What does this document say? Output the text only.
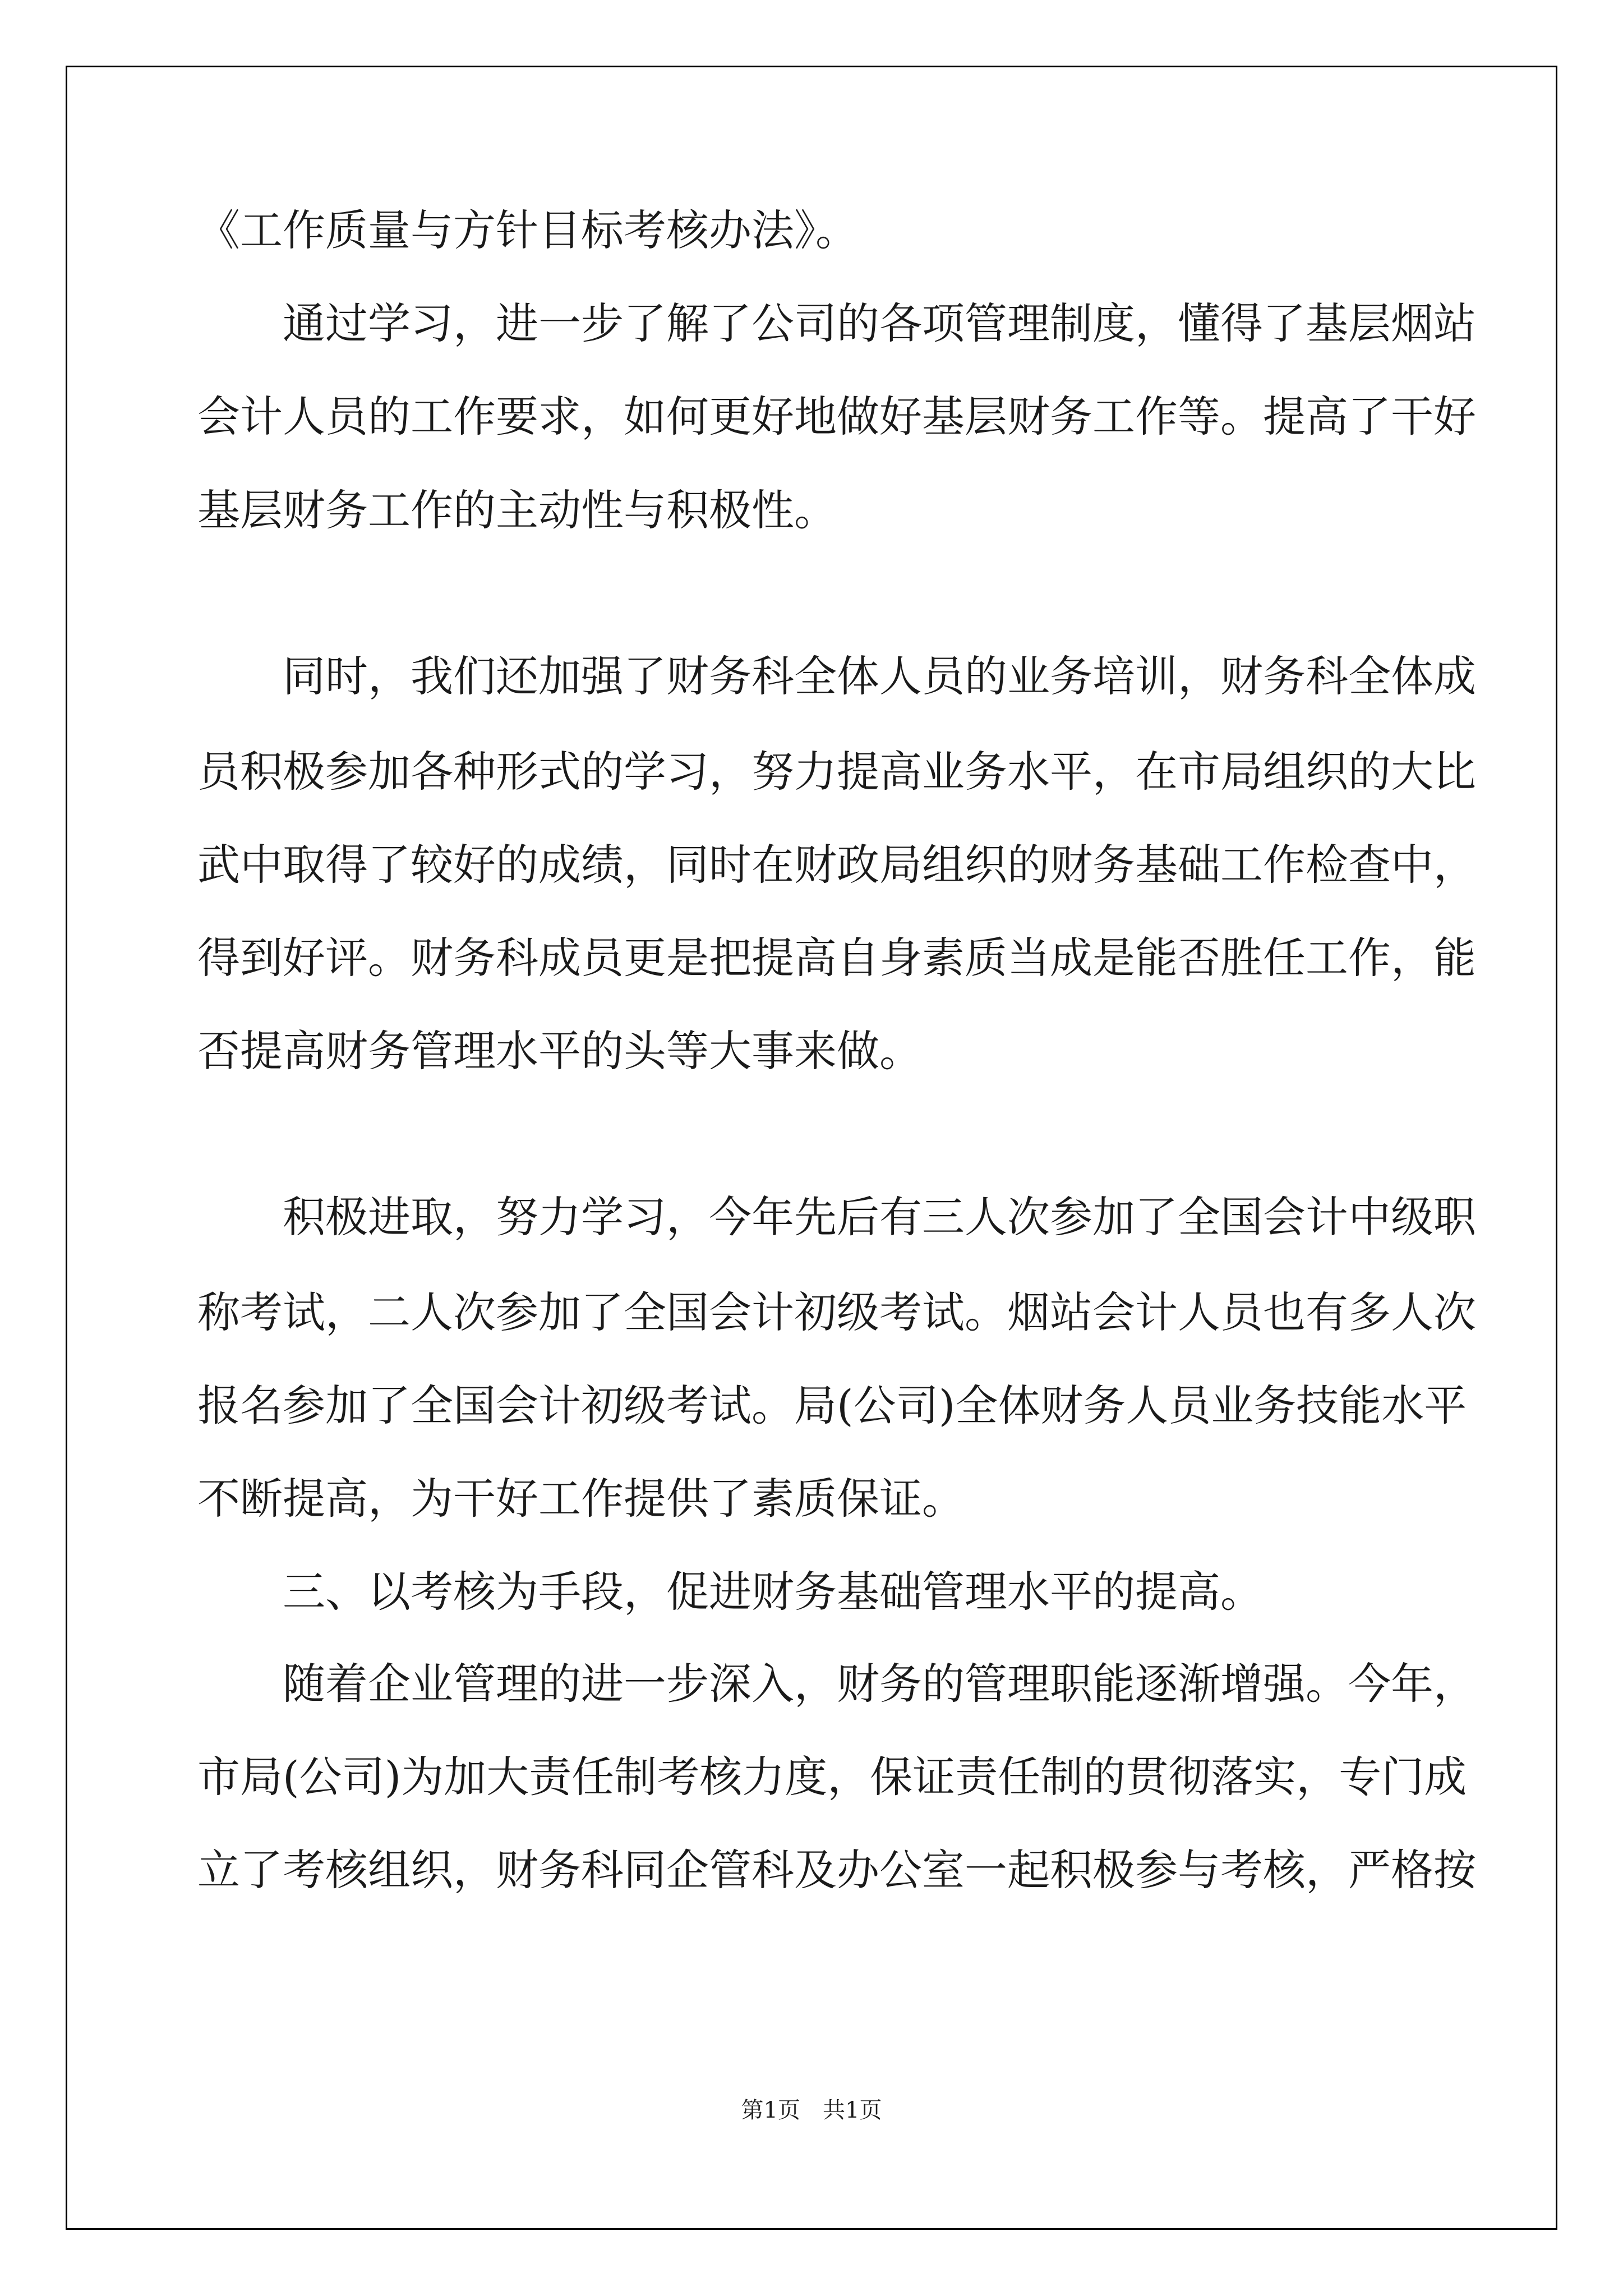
《工作质量与方针目标考核办法》。
通过学习，进一步了解了公司的各项管理制度，懂得了基层烟站
会计人员的工作要求，如何更好地做好基层财务工作等。提高了干好
基层财务工作的主动性与积极性。
同时，我们还加强了财务科全体人员的业务培训，财务科全体成
员积极参加各种形式的学习，努力提高业务水平，在市局组织的大比
武中取得了较好的成绩，同时在财政局组织的财务基础工作检查中，
得到好评。财务科成员更是把提高自身素质当成是能否胜任工作，能
否提高财务管理水平的头等大事来做。
积极进取，努力学习，今年先后有三人次参加了全国会计中级职
称考试，二人次参加了全国会计初级考试。烟站会计人员也有多人次
报名参加了全国会计初级考试。局(公司)全体财务人员业务技能水平
不断提高，为干好工作提供了素质保证。
三、以考核为手段，促进财务基础管理水平的提高。
随着企业管理的进一步深入，财务的管理职能逐渐增强。今年，
市局(公司)为加大责任制考核力度，保证责任制的贯彻落实，专门成
立了考核组织，财务科同企管科及办公室一起积极参与考核，严格按
第1页　共1页
